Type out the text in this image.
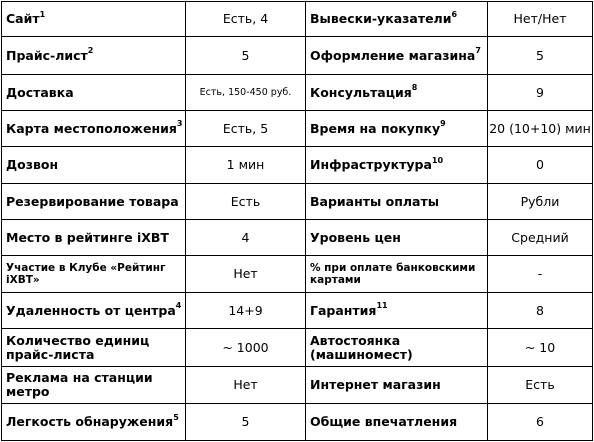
Сайт$^1$	Есть, 4	Вывески-указатели$^6$	Нет/Нет
Прайс-лист$^2$	5	Оформление магазина$^7$	5
Доставка	Есть, 150-450 руб.	Консультация$^8$	9
Карта местоположения$^3$	Есть, 5	Время на покупку$^9$	20 (10+10) мин
Дозвон	1 мин	Инфраструктура$^{10}$	0
Резервирование товара	Есть	Варианты оплаты	Рубли
Место в рейтинге iXBT	4	Уровень цен	Средний
Участие в Клубе «Рейтинг iXBT»	Нет	% при оплате банковскими картами	-
Удаленность от центра$^4$	14+9	Гарантия$^{11}$	8
Количество единиц прайс-листа	~ 1000	Автостоянка (машиномест)	~ 10
Реклама на станции метро	Нет	Интернет магазин	Есть
Легкость обнаружения$^5$	5	Общие впечатления	6
